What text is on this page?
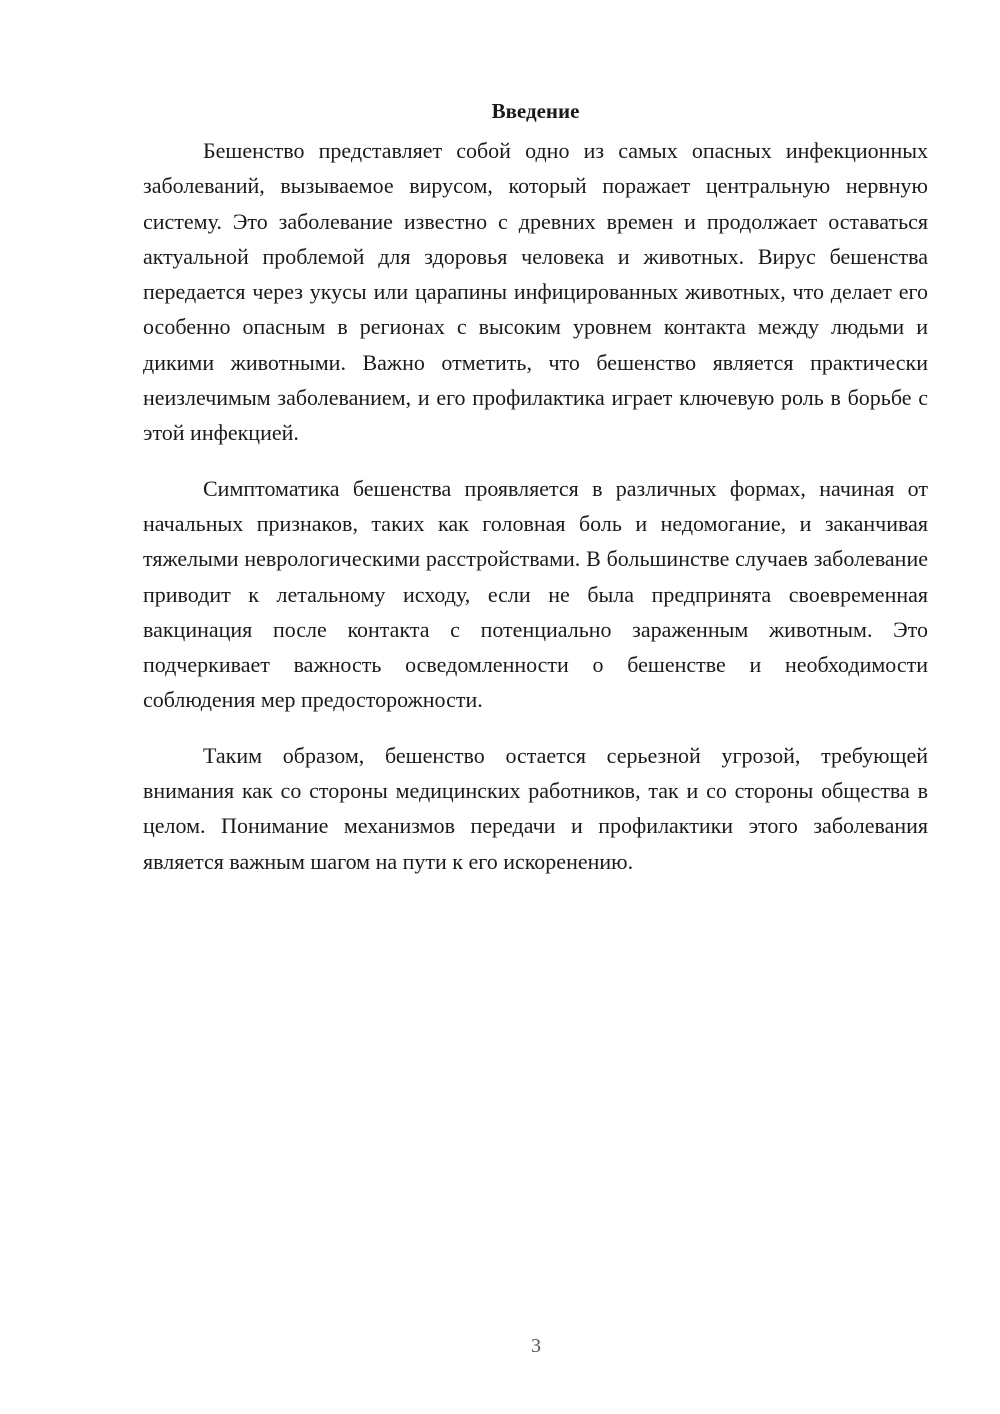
Введение

Бешенство представляет собой одно из самых опасных инфекционных заболеваний, вызываемое вирусом, который поражает центральную нервную систему. Это заболевание известно с древних времен и продолжает оставаться актуальной проблемой для здоровья человека и животных. Вирус бешенства передается через укусы или царапины инфицированных животных, что делает его особенно опасным в регионах с высоким уровнем контакта между людьми и дикими животными. Важно отметить, что бешенство является практически неизлечимым заболеванием, и его профилактика играет ключевую роль в борьбе с этой инфекцией.

Симптоматика бешенства проявляется в различных формах, начиная от начальных признаков, таких как головная боль и недомогание, и заканчивая тяжелыми неврологическими расстройствами. В большинстве случаев заболевание приводит к летальному исходу, если не была предпринята своевременная вакцинация после контакта с потенциально зараженным животным. Это подчеркивает важность осведомленности о бешенстве и необходимости соблюдения мер предосторожности.

Таким образом, бешенство остается серьезной угрозой, требующей внимания как со стороны медицинских работников, так и со стороны общества в целом. Понимание механизмов передачи и профилактики этого заболевания является важным шагом на пути к его искоренению.

3
